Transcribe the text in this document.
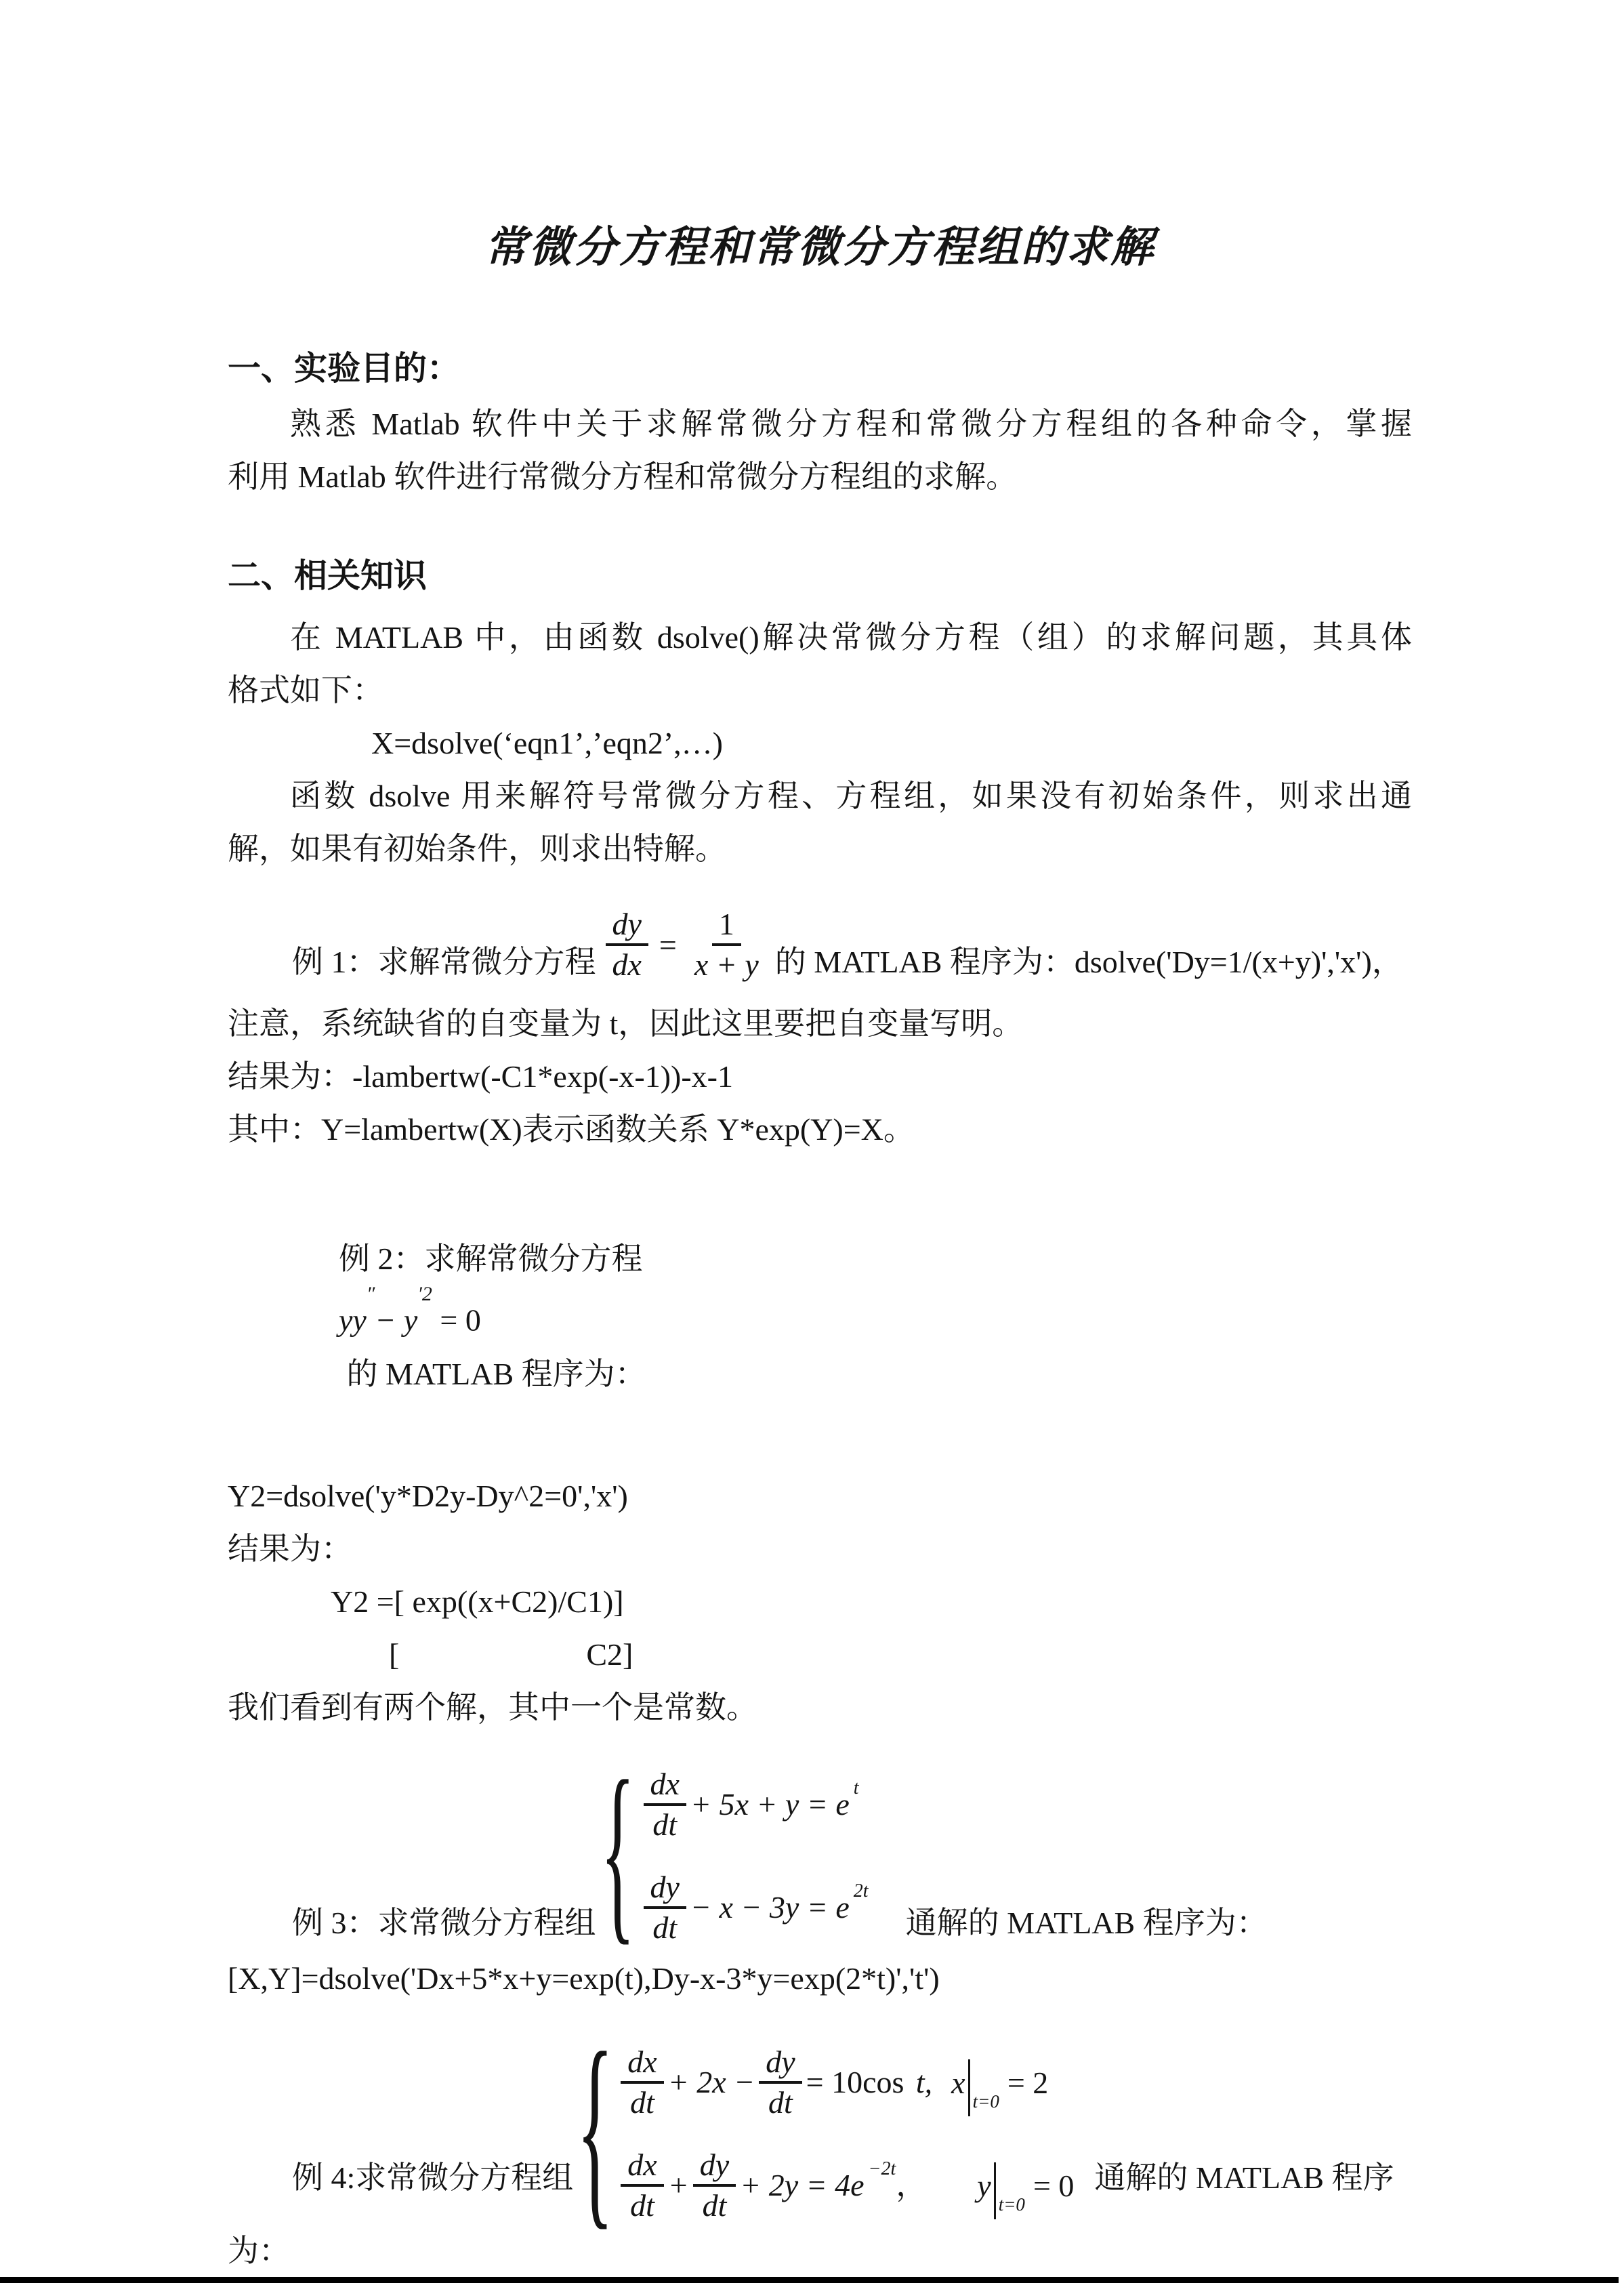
常微分方程和常微分方程组的求解
一、实验目的：

熟悉 Matlab 软件中关于求解常微分方程和常微分方程组的各种命令，掌握

利用 Matlab 软件进行常微分方程和常微分方程组的求解。

二、相关知识

在 MATLAB 中，由函数 dsolve()解决常微分方程（组）的求解问题，其具体

格式如下：

X=dsolve(‘eqn1’,’eqn2’,…)

函数 dsolve 用来解符号常微分方程、方程组，如果没有初始条件，则求出通

解，如果有初始条件，则求出特解。

例 1：求解常微分方程 $\frac{dy}{dx} = \frac{1}{x + y}$ 的 MATLAB 程序为：dsolve('Dy=1/(x+y)','x')，

注意，系统缺省的自变量为 t，因此这里要把自变量写明。

结果为：-lambertw(-C1*exp(-x-1))-x-1

其中：Y=lambertw(X)表示函数关系 Y*exp(Y)=X。

例 2：求解常微分方程
$yy''- y^{'2} = 0$
的 MATLAB 程序为：

Y2=dsolve('y*D2y-Dy^2=0','x')

结果为：

Y2 =[ exp((x+C2)/C1)]

[                        C2]

我们看到有两个解，其中一个是常数。

例 3：求常微分方程组 { $\frac{dx}{dt} + 5x + y = e^t$
$\frac{dy}{dt} - x - 3y = e^{2t}$
通解的 MATLAB 程序为：

[X,Y]=dsolve('Dx+5*x+y=exp(t),Dy-x-3*y=exp(2*t)','t')

例 4:求常微分方程组 { $\frac{dx}{dt} + 2x - \frac{dy}{dt} = 10\cos$ t, x
t=0
= 2
$\frac{dx}{dt} + \frac{dy}{dt} + 2y = 4e^{-2t}$ ， y
t=0
= 0 通解的 MATLAB 程序

为：
